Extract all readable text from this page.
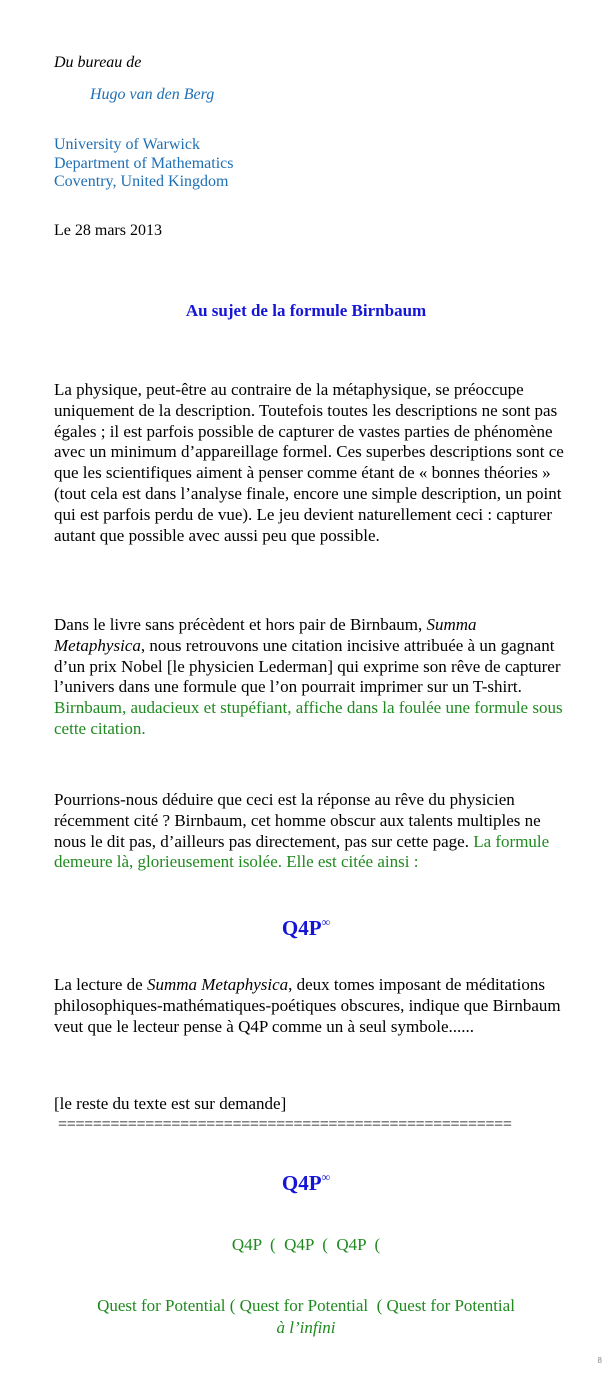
Du bureau de
Hugo van den Berg
University of Warwick
Department of Mathematics
Coventry, United Kingdom
Le 28 mars 2013
Au sujet de la formule Birnbaum
La physique, peut-être au contraire de la métaphysique, se préoccupe uniquement de la description. Toutefois toutes les descriptions ne sont pas égales ; il est parfois possible de capturer de vastes parties de phénomène avec un minimum d’appareillage formel. Ces superbes descriptions sont ce que les scientifiques aiment à penser comme étant de « bonnes théories » (tout cela est dans l’analyse finale, encore une simple description, un point qui est parfois perdu de vue). Le jeu devient naturellement ceci : capturer autant que possible avec aussi peu que possible.
Dans le livre sans précèdent et hors pair de Birnbaum, Summa Metaphysica, nous retrouvons une citation incisive attribuée à un gagnant d’un prix Nobel [le physicien Lederman] qui exprime son rêve de capturer l’univers dans une formule que l’on pourrait imprimer sur un T-shirt. Birnbaum, audacieux et stupéfiant, affiche dans la foulée une formule sous cette citation.
Pourrions-nous déduire que ceci est la réponse au rêve du physicien récemment cité ? Birnbaum, cet homme obscur aux talents multiples ne nous le dit pas, d’ailleurs pas directement, pas sur cette page. La formule demeure là, glorieusement isolée. Elle est citée ainsi :
Q4P∞
La lecture de Summa Metaphysica, deux tomes imposant de méditations philosophiques-mathématiques-poétiques obscures, indique que Birnbaum veut que le lecteur pense à Q4P comme un à seul symbole......
[le reste du texte est sur demande]
====================================================
Q4P∞
Q4P  (  Q4P  (  Q4P  (
Quest for Potential ( Quest for Potential  ( Quest for Potential
à l’infini
8
